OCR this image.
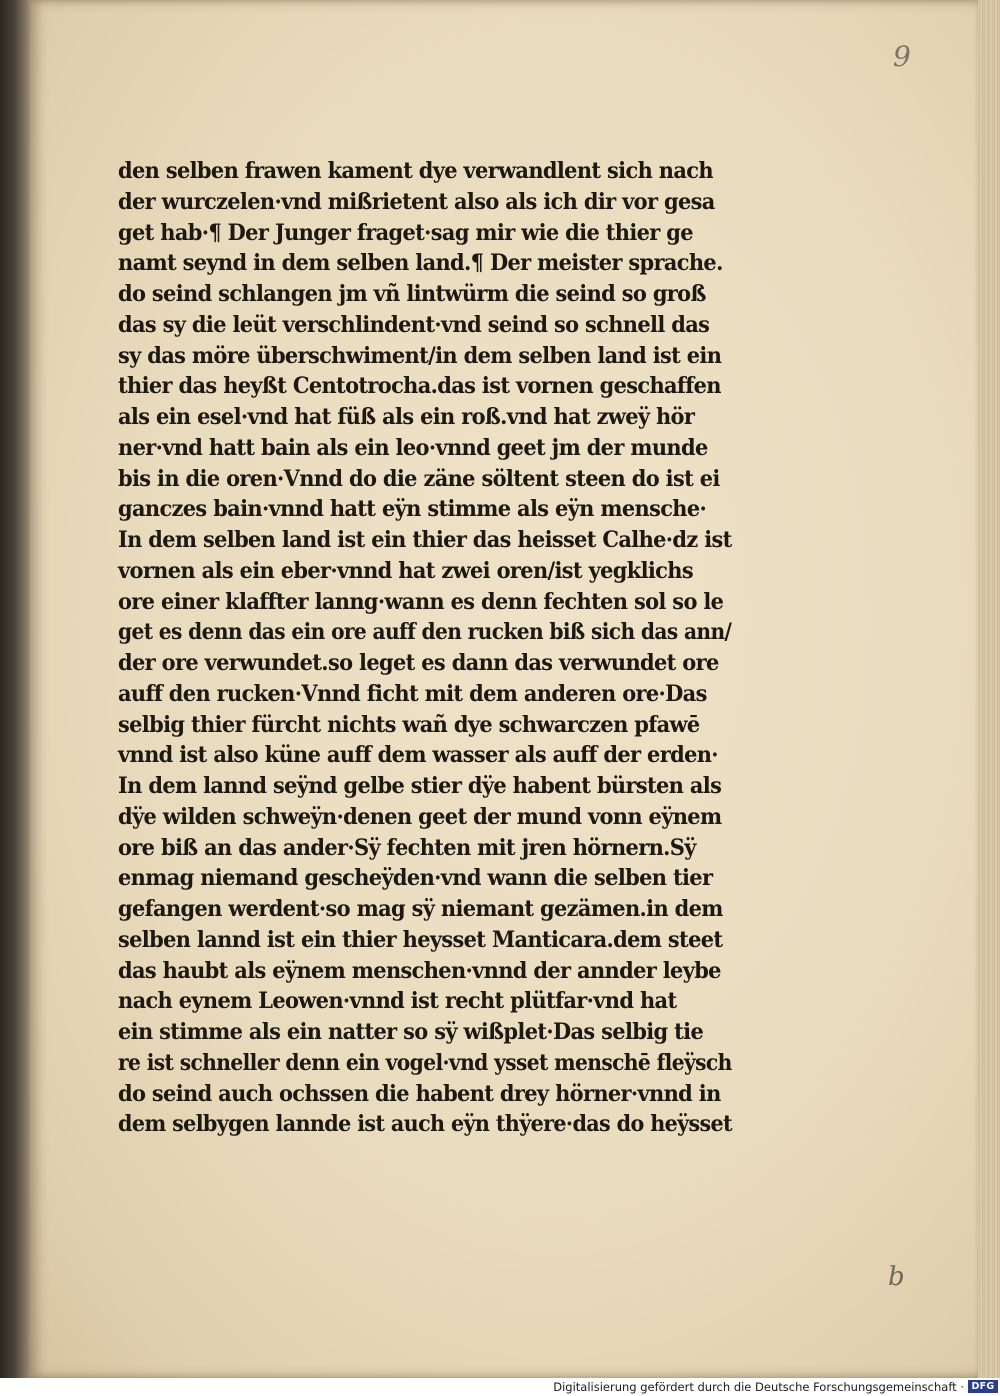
9
den selben frawen kament dye verwandlent sich nach
der wurczelen·vnd mißrietent also als ich dir vor gesa
get hab·¶ Der Junger fraget·sag mir wie die thier ge
namt seynd in dem selben land.¶ Der meister sprache.
do seind schlangen jm vñ lintwürm die seind so groß
das sy die leüt verschlindent·vnd seind so schnell das
sy das möre überschwiment/in dem selben land ist ein
thier das heyßt Centotrocha.das ist vornen geschaffen
als ein esel·vnd hat füß als ein roß.vnd hat zweÿ hör
ner·vnd hatt bain als ein leo·vnnd geet jm der munde
bis in die oren·Vnnd do die zäne söltent steen do ist ei
ganczes bain·vnnd hatt eÿn stimme als eÿn mensche·
In dem selben land ist ein thier das heisset Calhe·dz ist
vornen als ein eber·vnnd hat zwei oren/ist yegklichs
ore einer klaffter lanng·wann es denn fechten sol so le
get es denn das ein ore auff den rucken biß sich das ann/
der ore verwundet.so leget es dann das verwundet ore
auff den rucken·Vnnd ficht mit dem anderen ore·Das
selbig thier fürcht nichts wañ dye schwarczen pfawē
vnnd ist also küne auff dem wasser als auff der erden·
In dem lannd seÿnd gelbe stier dÿe habent bürsten als
dÿe wilden schweÿn·denen geet der mund vonn eÿnem
ore biß an das ander·Sÿ fechten mit jren hörnern.Sÿ
enmag niemand gescheÿden·vnd wann die selben tier
gefangen werdent·so mag sÿ niemant gezämen.in dem
selben lannd ist ein thier heysset Manticara.dem steet
das haubt als eÿnem menschen·vnnd der annder leybe
nach eynem Leowen·vnnd ist recht plütfar·vnd hat
ein stimme als ein natter so sÿ wißplet·Das selbig tie
re ist schneller denn ein vogel·vnd ysset menschē fleÿsch
do seind auch ochssen die habent drey hörner·vnnd in
dem selbygen lannde ist auch eÿn thÿere·das do heÿsset
b
Digitalisierung gefördert durch die Deutsche Forschungsgemeinschaft · DFG
